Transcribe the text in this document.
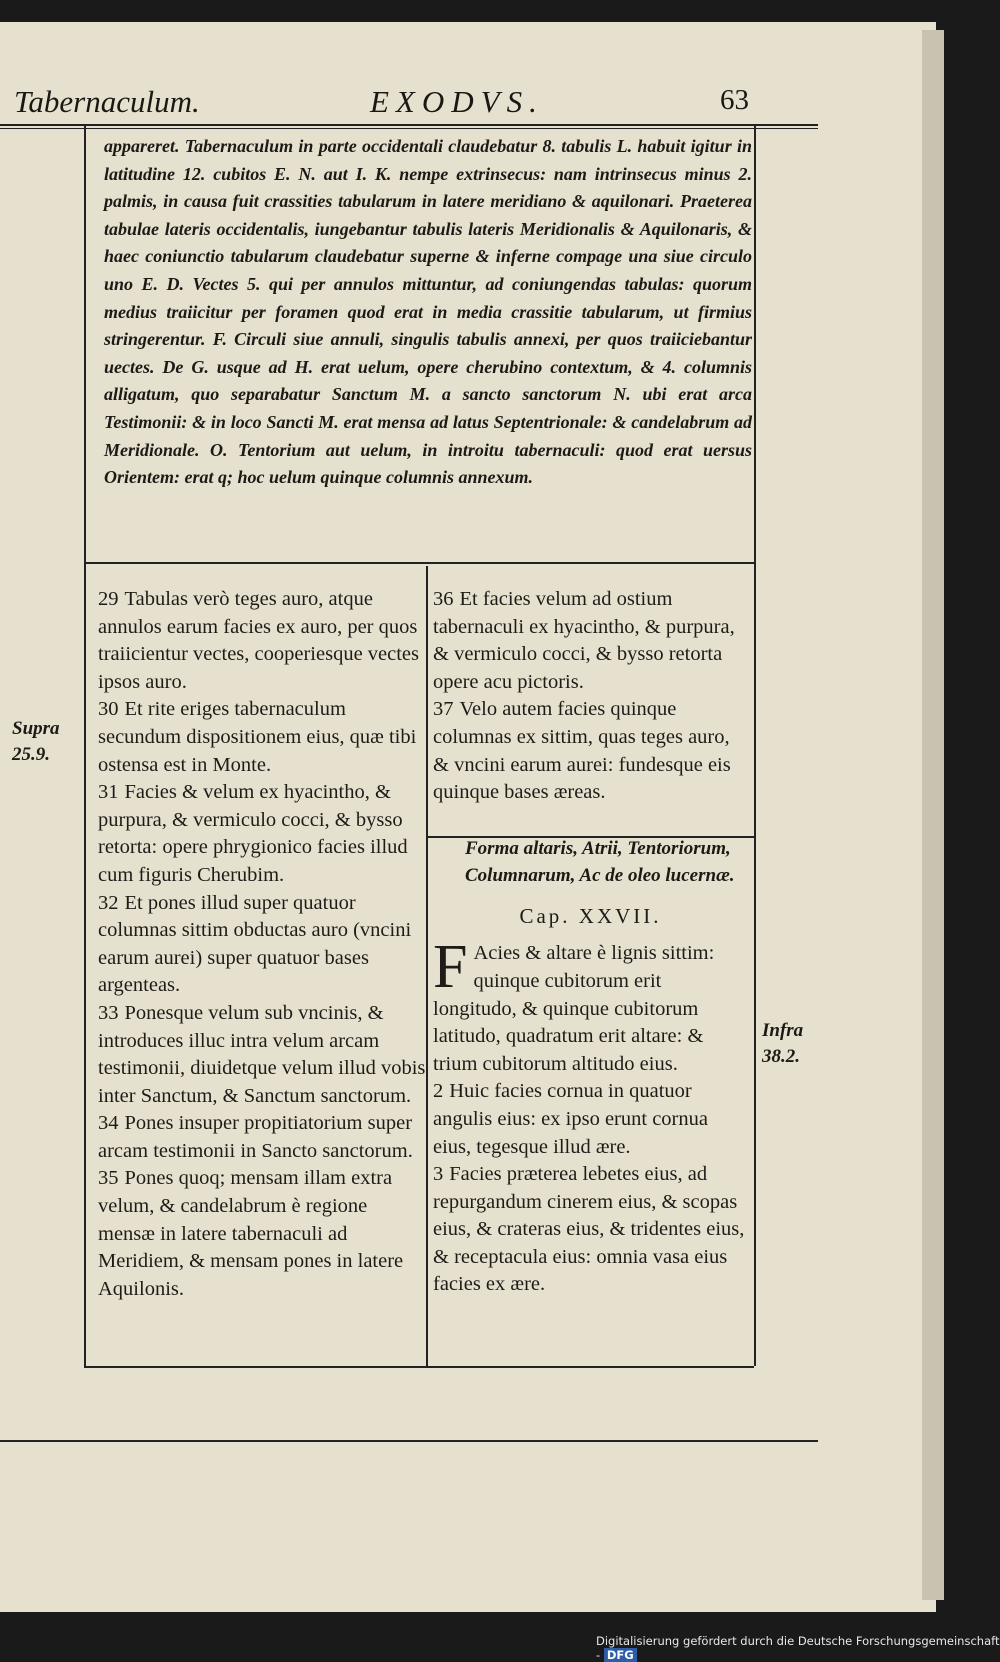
Tabernaculum.	EXODVS.	63

appareret. Tabernaculum in parte occidentali claudebatur 8. tabulis L. habuit igitur in latitudine 12. cubitos E. N. aut I. K. nempe extrinsecus: nam intrinsecus minus 2. palmis, in causa fuit crassities tabularum in latere meridiano & aquilonari. Praeterea tabulae lateris occidentalis, iungebantur tabulis lateris Meridionalis & Aquilonaris, & haec coniunctio tabularum claudebatur superne & inferne compage una siue circulo uno E. D. Vectes 5. qui per annulos mittuntur, ad coniungendas tabulas: quorum medius traiicitur per foramen quod erat in media crassitie tabularum, ut firmius stringerentur. F. Circuli siue annuli, singulis tabulis annexi, per quos traiiciebantur uectes. De G. usque ad H. erat uelum, opere cherubino contextum, & 4. columnis alligatum, quo separabatur Sanctum M. a sancto sanctorum N. ubi erat arca Testimonii: & in loco Sancti M. erat mensa ad latus Septentrionale: & candelabrum ad Meridionale. O. Tentorium aut uelum, in introitu tabernaculi: quod erat uersus Orientem: erat q; hoc uelum quinque columnis annexum.

29 Tabulas verò teges auro, atque annulos earum facies ex auro, per quos traiicientur vectes, cooperiesque vectes ipsos auro.

30 Et rite eriges tabernaculum secundum dispositionem eius, quæ tibi ostensa est in Monte.

31 Facies & velum ex hyacintho, & purpura, & vermiculo cocci, & bysso retorta: opere phrygionico facies illud cum figuris Cherubim.

32 Et pones illud super quatuor columnas sittim obductas auro (vncini earum aurei) super quatuor bases argenteas.

33 Ponesque velum sub vncinis, & introduces illuc intra velum arcam testimonii, diuidetque velum illud vobis inter Sanctum, & Sanctum sanctorum.

34 Pones insuper propitiatorium super arcam testimonii in Sancto sanctorum.

35 Pones quoq; mensam illam extra velum, & candelabrum è regione mensæ in latere tabernaculi ad Meridiem, & mensam pones in latere Aquilonis.

36 Et facies velum ad ostium tabernaculi ex hyacintho, & purpura, & vermiculo cocci, & bysso retorta opere acu pictoris.

37 Velo autem facies quinque columnas ex sittim, quas teges auro, & vncini earum aurei: fundesque eis quinque bases æreas.

Forma altaris, Atrii, Tentoriorum, Columnarum, Ac de oleo lucernæ.
Cap. XXVII.

F Acies & altare è lignis sittim: quinque cubitorum erit longitudo, & quinque cubitorum latitudo, quadratum erit altare: & trium cubitorum altitudo eius.

2 Huic facies cornua in quatuor angulis eius: ex ipso erunt cornua eius, tegesque illud ære.

3 Facies præterea lebetes eius, ad repurgandum cinerem eius, & scopas eius, & crateras eius, & tridentes eius, & receptacula eius: omnia vasa eius facies ex ære.

Supra 25.9.
Infra 38.2.
Digitalisierung gefördert durch die Deutsche Forschungsgemeinschaft - DFG
